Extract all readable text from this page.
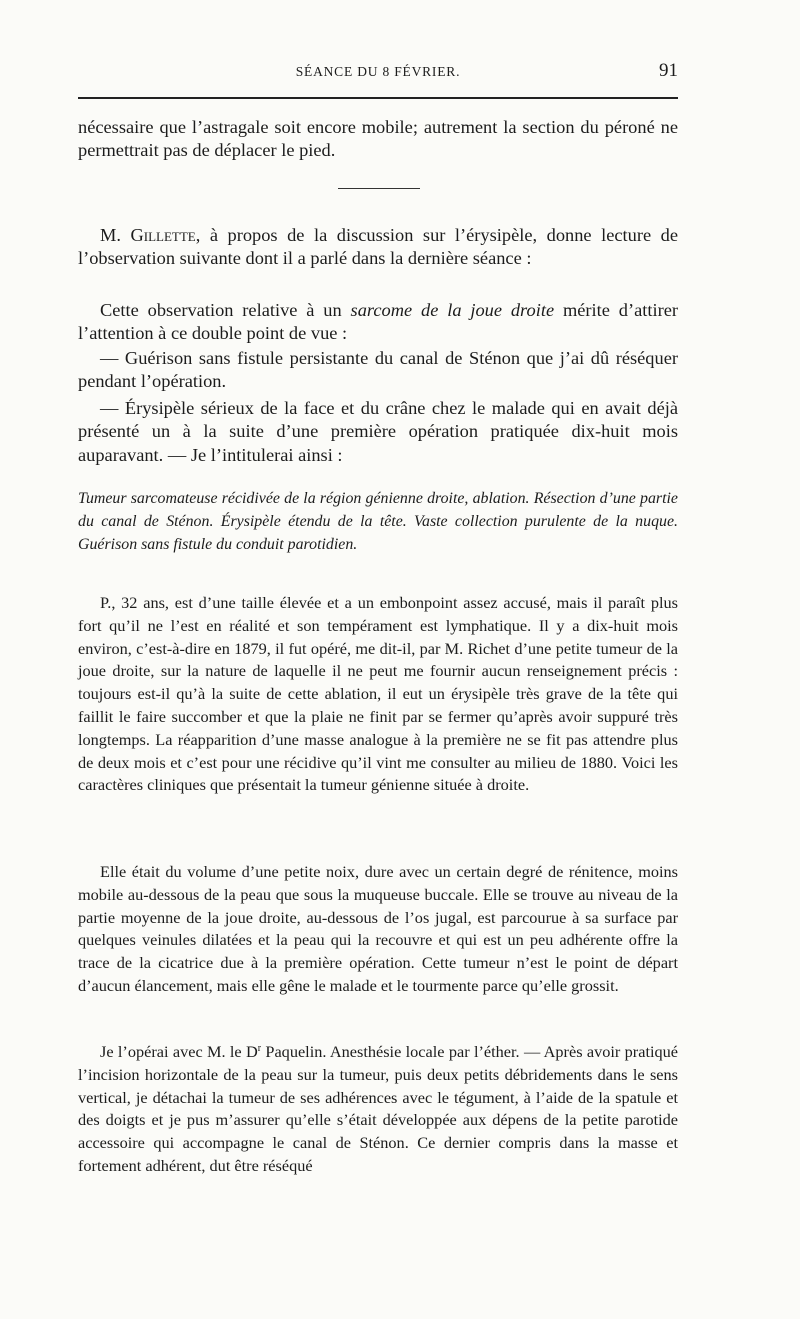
SÉANCE DU 8 FÉVRIER.	91

nécessaire que l’astragale soit encore mobile; autrement la section du péroné ne permettrait pas de déplacer le pied.

M. Gillette, à propos de la discussion sur l’érysipèle, donne lecture de l’observation suivante dont il a parlé dans la dernière séance :

Cette observation relative à un sarcome de la joue droite mérite d’attirer l’attention à ce double point de vue :

— Guérison sans fistule persistante du canal de Sténon que j’ai dû réséquer pendant l’opération.

— Érysipèle sérieux de la face et du crâne chez le malade qui en avait déjà présenté un à la suite d’une première opération pratiquée dix-huit mois auparavant. — Je l’intitulerai ainsi :

Tumeur sarcomateuse récidivée de la région génienne droite, ablation. Résection d’une partie du canal de Sténon. Érysipèle étendu de la tête. Vaste collection purulente de la nuque. Guérison sans fistule du conduit parotidien.

P., 32 ans, est d’une taille élevée et a un embonpoint assez accusé, mais il paraît plus fort qu’il ne l’est en réalité et son tempérament est lymphatique. Il y a dix-huit mois environ, c’est-à-dire en 1879, il fut opéré, me dit-il, par M. Richet d’une petite tumeur de la joue droite, sur la nature de laquelle il ne peut me fournir aucun renseignement précis : toujours est-il qu’à la suite de cette ablation, il eut un érysipèle très grave de la tête qui faillit le faire succomber et que la plaie ne finit par se fermer qu’après avoir suppuré très longtemps. La réapparition d’une masse analogue à la première ne se fit pas attendre plus de deux mois et c’est pour une récidive qu’il vint me consulter au milieu de 1880. Voici les caractères cliniques que présentait la tumeur génienne située à droite.

Elle était du volume d’une petite noix, dure avec un certain degré de rénitence, moins mobile au-dessous de la peau que sous la muqueuse buccale. Elle se trouve au niveau de la partie moyenne de la joue droite, au-dessous de l’os jugal, est parcourue à sa surface par quelques veinules dilatées et la peau qui la recouvre et qui est un peu adhérente offre la trace de la cicatrice due à la première opération. Cette tumeur n’est le point de départ d’aucun élancement, mais elle gêne le malade et le tourmente parce qu’elle grossit.

Je l’opérai avec M. le $D^r$ Paquelin. Anesthésie locale par l’éther. — Après avoir pratiqué l’incision horizontale de la peau sur la tumeur, puis deux petits débridements dans le sens vertical, je détachai la tumeur de ses adhérences avec le tégument, à l’aide de la spatule et des doigts et je pus m’assurer qu’elle s’était développée aux dépens de la petite parotide accessoire qui accompagne le canal de Sténon. Ce dernier compris dans la masse et fortement adhérent, dut être réséqué
